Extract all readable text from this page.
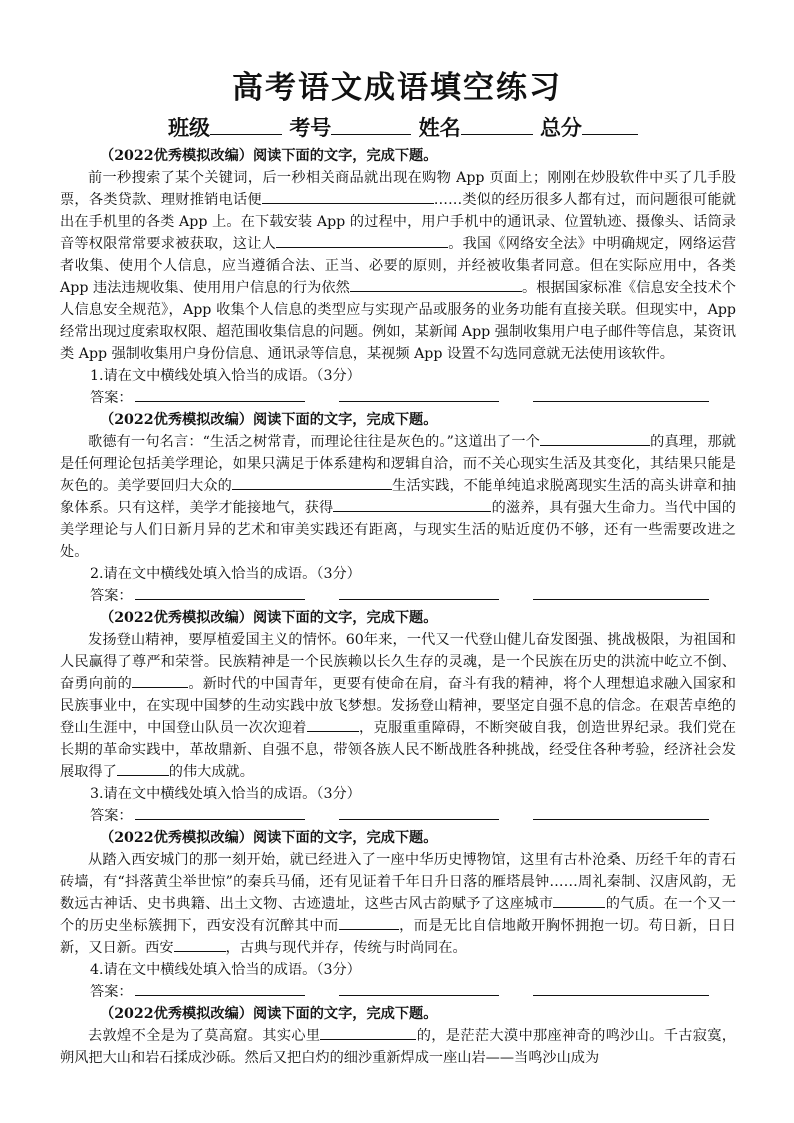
高考语文成语填空练习
班级	考号	姓名	总分

（2022优秀模拟改编）阅读下面的文字，完成下题。

前一秒搜索了某个关键词，后一秒相关商品就出现在购物 App 页面上；刚刚在炒股软件中买了几手股票，各类贷款、理财推销电话便	……类似的经历很多人都有过，而问题很可能就出在手机里的各类 App 上。在下载安装 App 的过程中，用户手机中的通讯录、位置轨迹、摄像头、话筒录音等权限常常要求被获取，这让人	。我国《网络安全法》中明确规定，网络运营者收集、使用个人信息，应当遵循合法、正当、必要的原则，并经被收集者同意。但在实际应用中，各类 App 违法违规收集、使用用户信息的行为依然	。根据国家标准《信息安全技术个人信息安全规范》，App 收集个人信息的类型应与实现产品或服务的业务功能有直接关联。但现实中，App 经常出现过度索取权限、超范围收集信息的问题。例如，某新闻 App 强制收集用户电子邮件等信息，某资讯类 App 强制收集用户身份信息、通讯录等信息，某视频 App 设置不勾选同意就无法使用该软件。

1.请在文中横线处填入恰当的成语。（3分）

答案：

（2022优秀模拟改编）阅读下面的文字，完成下题。

歌德有一句名言：“生活之树常青，而理论往往是灰色的。”这道出了一个	的真理，那就是任何理论包括美学理论，如果只满足于体系建构和逻辑自洽，而不关心现实生活及其变化，其结果只能是灰色的。美学要回归大众的	生活实践，不能单纯追求脱离现实生活的高头讲章和抽象体系。只有这样，美学才能接地气，获得	的滋养，具有强大生命力。当代中国的美学理论与人们日新月异的艺术和审美实践还有距离，与现实生活的贴近度仍不够，还有一些需要改进之处。

2.请在文中横线处填入恰当的成语。（3分）

答案：

（2022优秀模拟改编）阅读下面的文字，完成下题。

发扬登山精神，要厚植爱国主义的情怀。60年来，一代又一代登山健儿奋发图强、挑战极限，为祖国和人民赢得了尊严和荣誉。民族精神是一个民族赖以长久生存的灵魂，是一个民族在历史的洪流中屹立不倒、奋勇向前的	。新时代的中国青年，更要有使命在肩，奋斗有我的精神，将个人理想追求融入国家和民族事业中，在实现中国梦的生动实践中放飞梦想。发扬登山精神，要坚定自强不息的信念。在艰苦卓绝的登山生涯中，中国登山队员一次次迎着	，克服重重障碍，不断突破自我，创造世界纪录。我们党在长期的革命实践中，革故鼎新、自强不息，带领各族人民不断战胜各种挑战，经受住各种考验，经济社会发展取得了	的伟大成就。

3.请在文中横线处填入恰当的成语。（3分）

答案：

（2022优秀模拟改编）阅读下面的文字，完成下题。

从踏入西安城门的那一刻开始，就已经进入了一座中华历史博物馆，这里有古朴沧桑、历经千年的青石砖墙，有“抖落黄尘举世惊”的秦兵马俑，还有见证着千年日升日落的雁塔晨钟……周礼秦制、汉唐风韵，无数远古神话、史书典籍、出土文物、古迹遗址，这些古风古韵赋予了这座城市	的气质。在一个又一个的历史坐标簇拥下，西安没有沉醉其中而	，而是无比自信地敞开胸怀拥抱一切。苟日新，日日新，又日新。西安	，古典与现代并存，传统与时尚同在。

4.请在文中横线处填入恰当的成语。（3分）

答案：

（2022优秀模拟改编）阅读下面的文字，完成下题。

去敦煌不全是为了莫高窟。其实心里	的，是茫茫大漠中那座神奇的鸣沙山。千古寂寞，朔风把大山和岩石揉成沙砾。然后又把白灼的细沙重新焊成一座山岩——当鸣沙山成为
